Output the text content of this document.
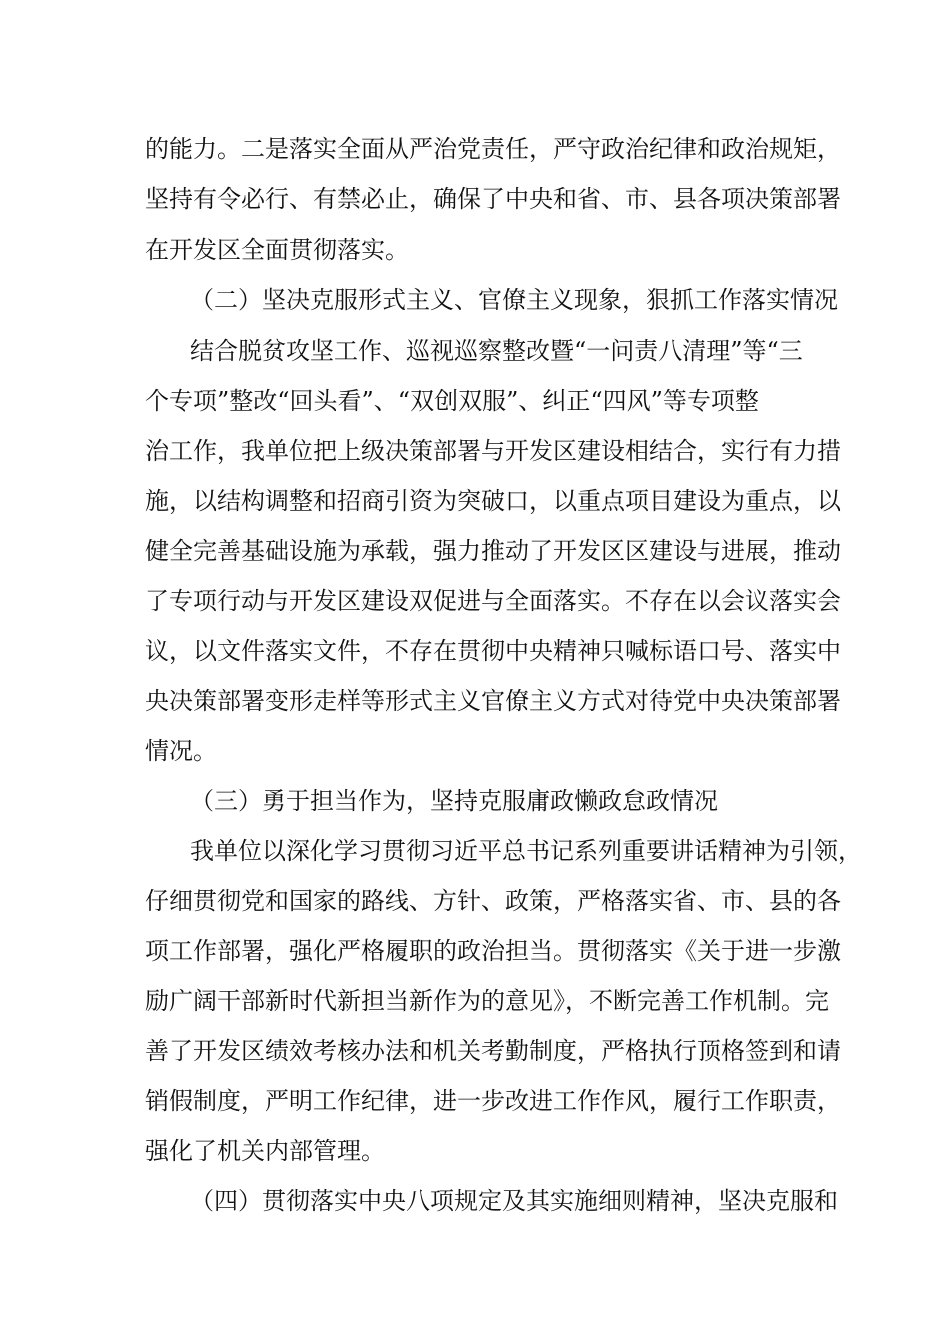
的能力。二是落实全面从严治党责任，严守政治纪律和政治规矩，
坚持有令必行、有禁必止，确保了中央和省、市、县各项决策部署
在开发区全面贯彻落实。
（二）坚决克服形式主义、官僚主义现象，狠抓工作落实情况
结合脱贫攻坚工作、巡视巡察整改暨“一问责八清理”等“三
个专项”整改“回头看”、“双创双服”、纠正“四风”等专项整
治工作，我单位把上级决策部署与开发区建设相结合，实行有力措
施，以结构调整和招商引资为突破口，以重点项目建设为重点，以
健全完善基础设施为承载，强力推动了开发区区建设与进展，推动
了专项行动与开发区建设双促进与全面落实。不存在以会议落实会
议，以文件落实文件，不存在贯彻中央精神只喊标语口号、落实中
央决策部署变形走样等形式主义官僚主义方式对待党中央决策部署
情况。
（三）勇于担当作为，坚持克服庸政懒政怠政情况
我单位以深化学习贯彻习近平总书记系列重要讲话精神为引领，
仔细贯彻党和国家的路线、方针、政策，严格落实省、市、县的各
项工作部署，强化严格履职的政治担当。贯彻落实《关于进一步激
励广阔干部新时代新担当新作为的意见》，不断完善工作机制。完
善了开发区绩效考核办法和机关考勤制度，严格执行顶格签到和请
销假制度，严明工作纪律，进一步改进工作作风，履行工作职责，
强化了机关内部管理。
（四）贯彻落实中央八项规定及其实施细则精神，坚决克服和
